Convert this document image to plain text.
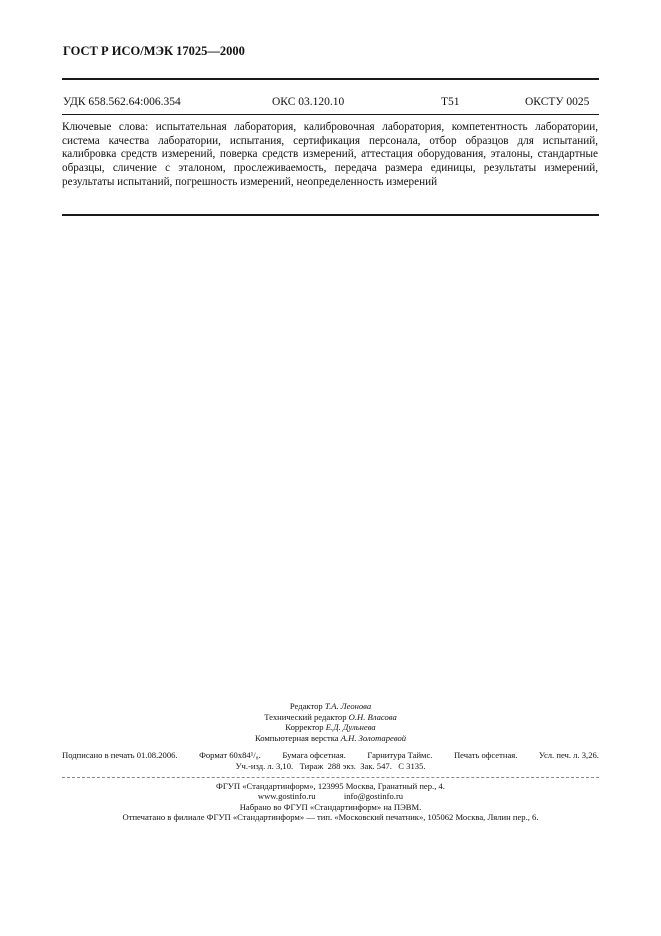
ГОСТ Р ИСО/МЭК 17025—2000
УДК 658.562.64:006.354	ОКС 03.120.10	Т51	ОКСТУ 0025

Ключевые слова: испытательная лаборатория, калибровочная лаборатория, компетентность лаборатории, система качества лаборатории, испытания, сертификация персонала, отбор образцов для испытаний, калибровка средств измерений, поверка средств измерений, аттестация оборудования, эталоны, стандартные образцы, сличение с эталоном, прослеживаемость, передача размера единицы, результаты измерений, результаты испытаний, погрешность измерений, неопределенность измерений

Редактор Т.А. Леонова
Технический редактор О.Н. Власова
Корректор Е.Д. Дульнева
Компьютерная верстка А.Н. Золотаревой
Подписано в печать 01.08.2006.	Формат 60х84¹/₈.	Бумага офсетная.	Гарнитура Таймс.	Печать офсетная.	Усл. печ. л. 3,26.
Уч.-изд. л. 3,10.   Тираж  288 экз.  Зак. 547.   С 3135.
ФГУП «Стандартинформ», 123995 Москва, Гранатный пер., 4.
www.gostinfo.ru	info@gostinfo.ru
Набрано во ФГУП «Стандартинформ» на ПЭВМ.
Отпечатано в филиале ФГУП «Стандартинформ» — тип. «Московский печатник», 105062 Москва, Лялин пер., 6.
